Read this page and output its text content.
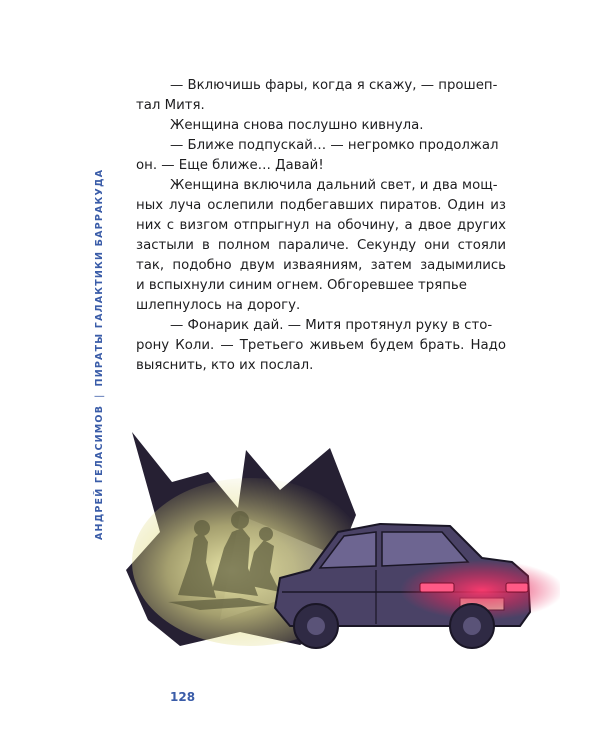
АНДРЕЙ ГЕЛАСИМОВ|ПИРАТЫ ГАЛАКТИКИ БАРРАКУДА
— Включишь фары, когда я скажу, — прошеп-
тал Митя.
Женщина снова послушно кивнула.
— Ближе подпускай… — негромко продолжал
он. — Еще ближе… Давай!
Женщина включила дальний свет, и два мощ-
ных луча ослепили подбегавших пиратов. Один из
них с визгом отпрыгнул на обочину, а двое других
застыли в полном параличе. Секунду они стояли
так, подобно двум изваяниям, затем задымились
и вспыхнули синим огнем. Обгоревшее тряпье
шлепнулось на дорогу.
— Фонарик дай. — Митя протянул руку в сто-
рону Коли. — Третьего живьем будем брать. Надо
выяснить, кто их послал.
128
